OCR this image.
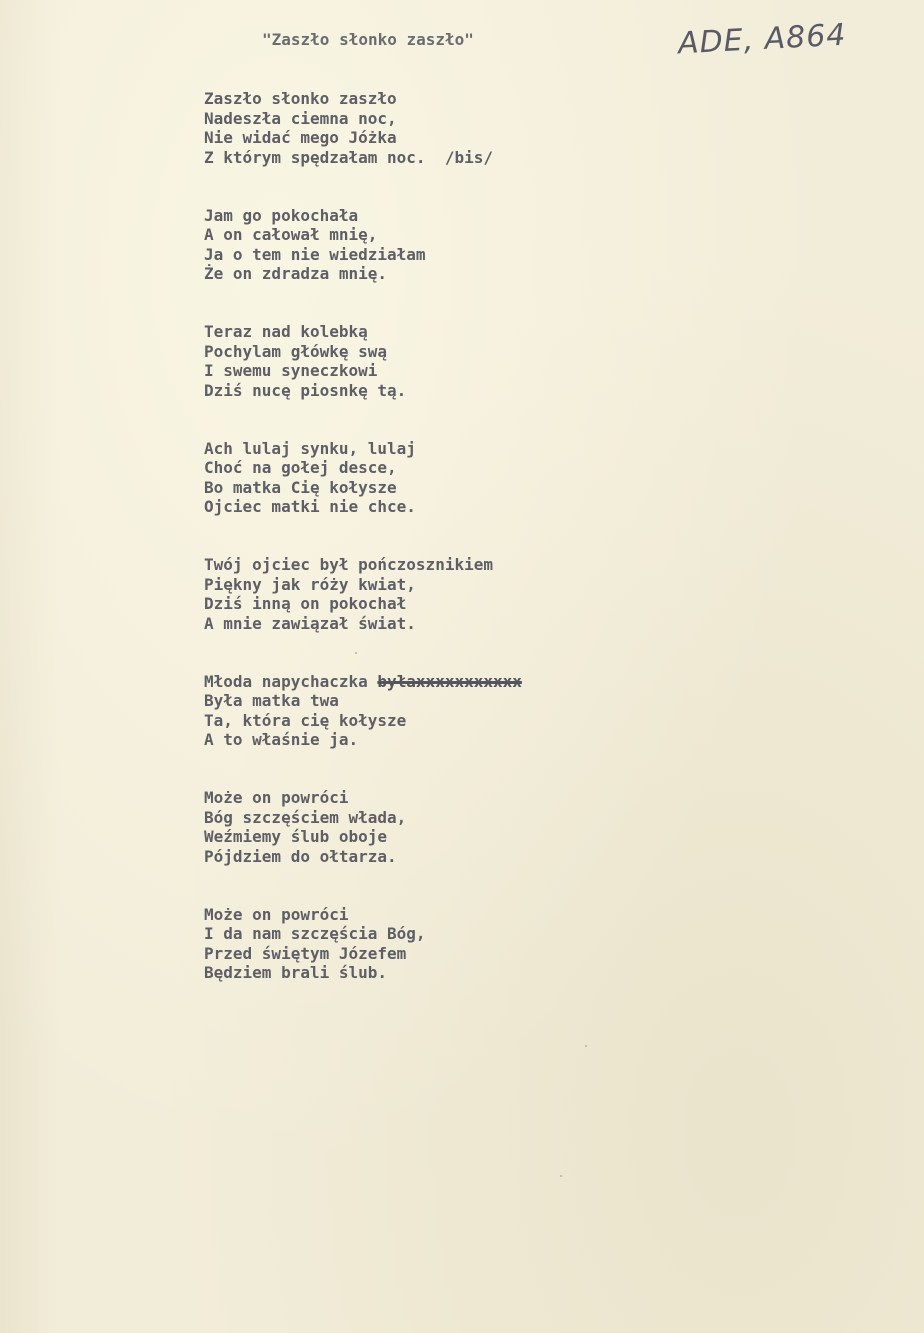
ADE, A864
"Zaszło słonko zaszło"
Zaszło słonko zaszło
Nadeszła ciemna noc,
Nie widać mego Jóżka
Z którym spędzałam noc.  /bis/
Jam go pokochała
A on całował mnię,
Ja o tem nie wiedziałam
Że on zdradza mnię.
Teraz nad kolebką
Pochylam główkę swą
I swemu syneczkowi
Dziś nucę piosnkę tą.
Ach lulaj synku, lulaj
Choć na gołej desce,
Bo matka Cię kołysze
Ojciec matki nie chce.
Twój ojciec był pończosznikiem
Piękny jak róży kwiat,
Dziś inną on pokochał
A mnie zawiązał świat.
Młoda napychaczka byłaxxxxxxxxxxx
Była matka twa
Ta, która cię kołysze
A to właśnie ja.
Może on powróci
Bóg szczęściem włada,
Weźmiemy ślub oboje
Pójdziem do ołtarza.
Może on powróci
I da nam szczęścia Bóg,
Przed świętym Józefem
Będziem brali ślub.
